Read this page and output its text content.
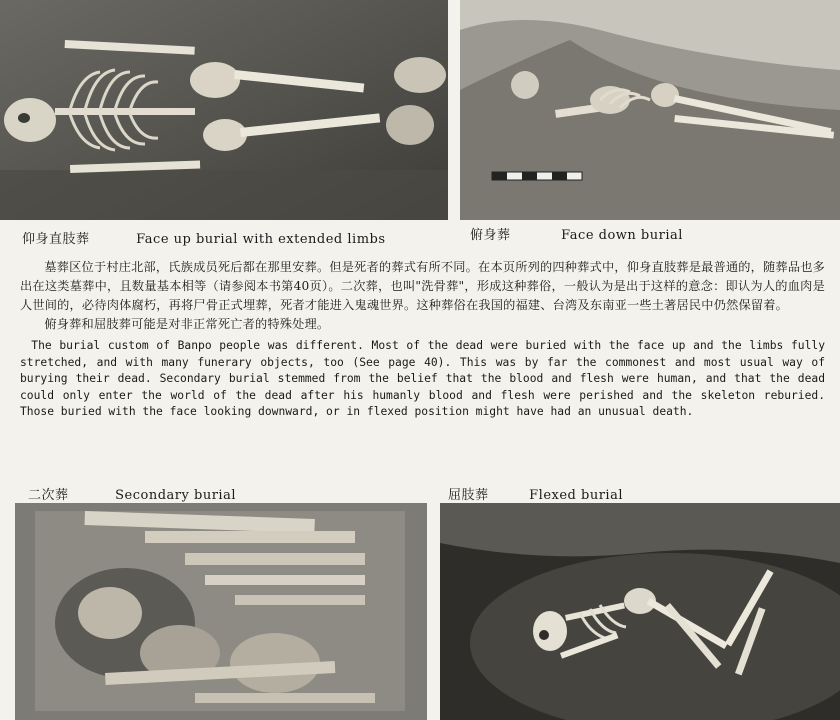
仰身直肢葬	Face up burial with extended limbs	俯身葬	Face down burial

墓葬区位于村庄北部，氏族成员死后都在那里安葬。但是死者的葬式有所不同。在本页所列的四种葬式中，仰身直肢葬是最普通的，随葬品也多出在这类墓葬中，且数量基本相等（请参阅本书第40页）。二次葬，也叫"洗骨葬"，形成这种葬俗，一般认为是出于这样的意念：即认为人的血肉是人世间的，必待肉体腐朽，再将尸骨正式埋葬，死者才能进入鬼魂世界。这种葬俗在我国的福建、台湾及东南亚一些土著居民中仍然保留着。

俯身葬和屈肢葬可能是对非正常死亡者的特殊处理。

The burial custom of Banpo people was different. Most of the dead were buried with the face up and the limbs fully stretched, and with many funerary objects, too (See page 40). This was by far the commonest and most usual way of burying their dead. Secondary burial stemmed from the belief that the blood and flesh were human, and that the dead could only enter the world of the dead after his humanly blood and flesh were perished and the skeleton reburied. Those buried with the face looking downward, or in flexed position might have had an unusual death.

二次葬	Secondary burial	屈肢葬	Flexed burial
